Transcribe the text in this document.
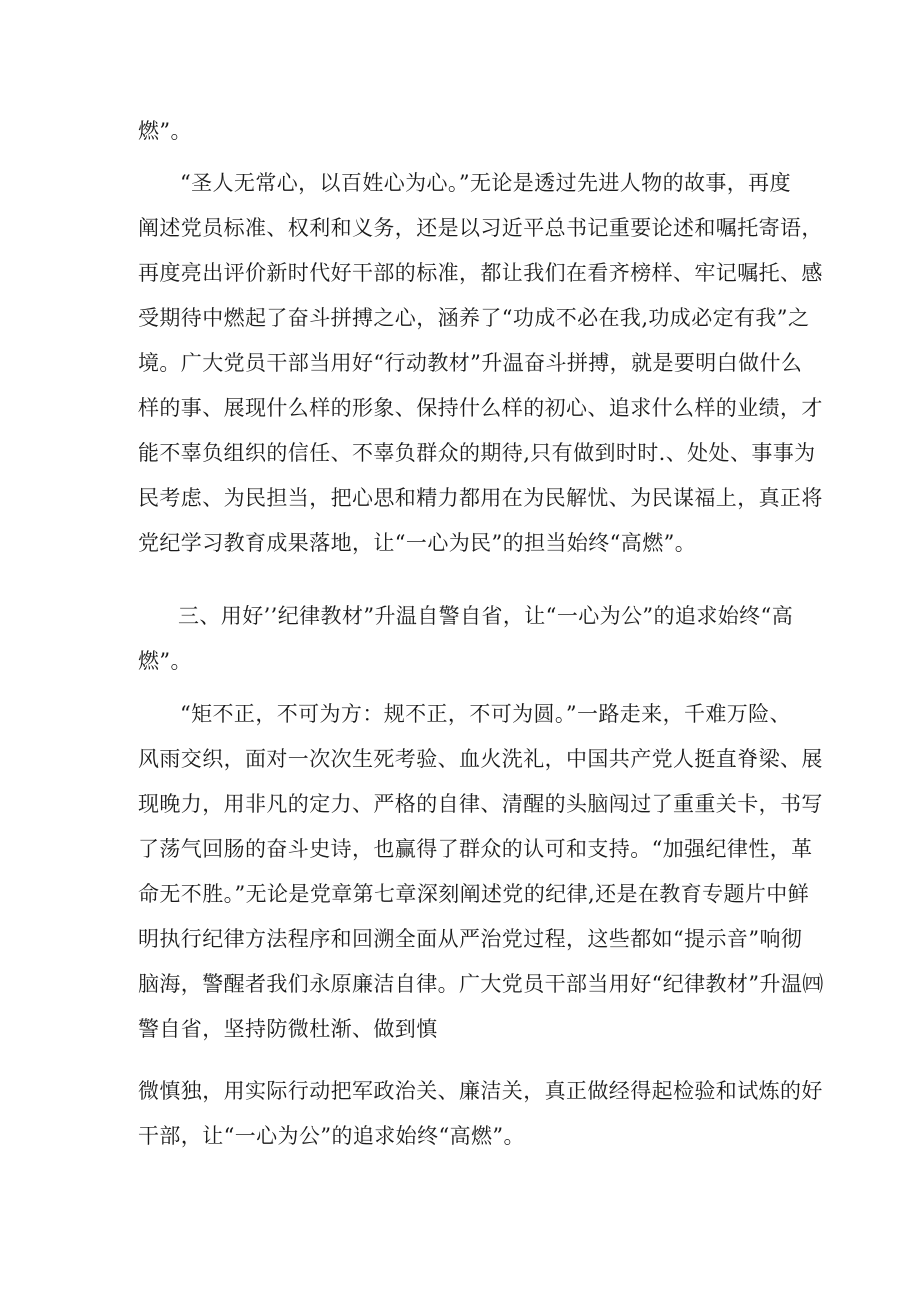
燃”。

“圣人无常心，以百姓心为心。”无论是透过先进人物的故事，再度

阐述党员标准、权利和义务，还是以习近平总书记重要论述和嘱托寄语，

再度亮出评价新时代好干部的标准，都让我们在看齐榜样、牢记嘱托、感

受期待中燃起了奋斗拼搏之心，涵养了“功成不必在我,功成必定有我”之

境。广大党员干部当用好“行动教材”升温奋斗拼搏，就是要明白做什么

样的事、展现什么样的形象、保持什么样的初心、追求什么样的业绩，才

能不辜负组织的信任、不辜负群众的期待,只有做到时时.、处处、事事为

民考虑、为民担当，把心思和精力都用在为民解忧、为民谋福上，真正将

党纪学习教育成果落地，让“一心为民”的担当始终“高燃”。

三、用好’’纪律教材”升温自警自省，让“一心为公”的追求始终“高

燃”。

“矩不正，不可为方：规不正，不可为圆。”一路走来，千难万险、

风雨交织，面对一次次生死考验、血火洗礼，中国共产党人挺直脊梁、展

现晚力，用非凡的定力、严格的自律、清醒的头脑闯过了重重关卡，书写

了荡气回肠的奋斗史诗，也赢得了群众的认可和支持。“加强纪律性，革

命无不胜。”无论是党章第七章深刻阐述党的纪律,还是在教育专题片中鲜

明执行纪律方法程序和回溯全面从严治党过程，这些都如“提示音”响彻

脑海，警醒者我们永原廉洁自律。广大党员干部当用好“纪律教材”升温㈣

警自省，坚持防微杜渐、做到慎

微慎独，用实际行动把军政治关、廉洁关，真正做经得起检验和试炼的好

干部，让“一心为公”的追求始终“高燃”。
